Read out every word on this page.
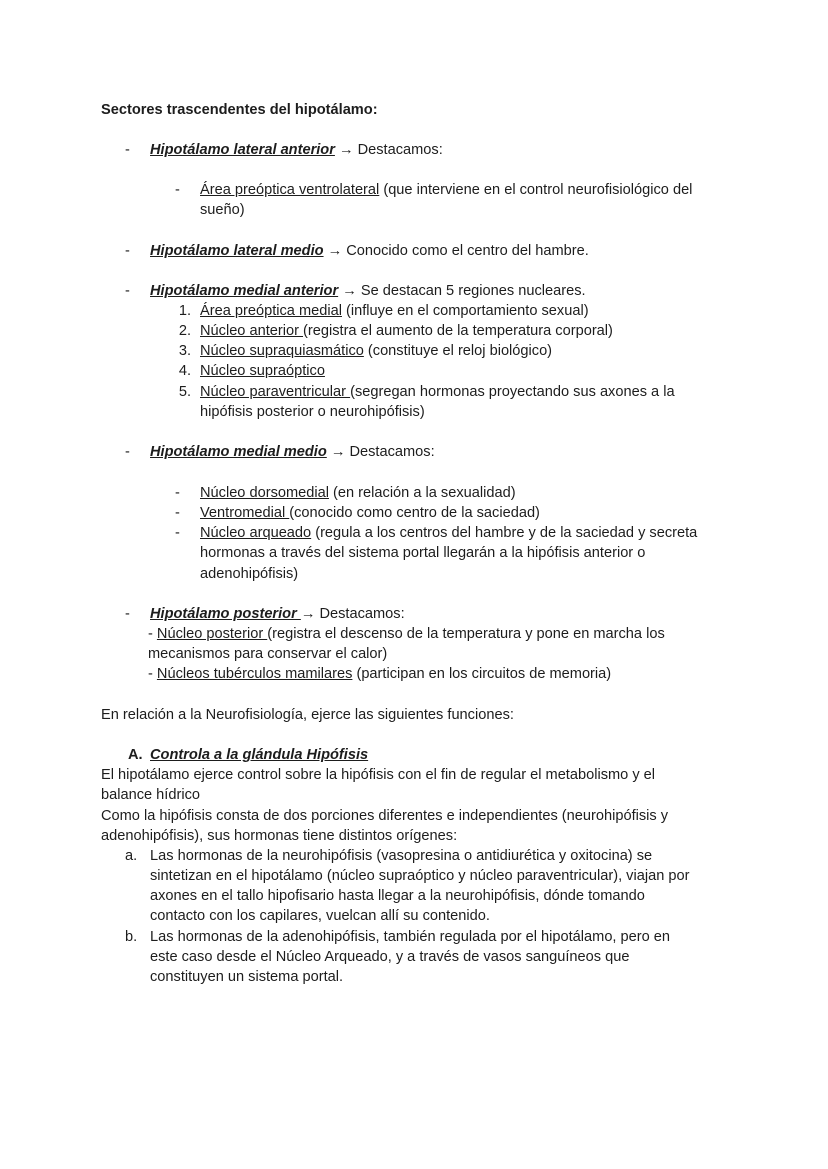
Sectores trascendentes del hipotálamo:
- Hipotálamo lateral anterior → Destacamos:
- Área preóptica ventrolateral (que interviene en el control neurofisiológico del
sueño)
- Hipotálamo lateral medio → Conocido como el centro del hambre.
- Hipotálamo medial anterior → Se destacan 5 regiones nucleares.
1. Área preóptica medial (influye en el comportamiento sexual)
2. Núcleo anterior (registra el aumento de la temperatura corporal)
3. Núcleo supraquiasmático (constituye el reloj biológico)
4. Núcleo supraóptico
5. Núcleo paraventricular (segregan hormonas proyectando sus axones a la
hipófisis posterior o neurohipófisis)
- Hipotálamo medial medio → Destacamos:
- Núcleo dorsomedial (en relación a la sexualidad)
- Ventromedial (conocido como centro de la saciedad)
- Núcleo arqueado (regula a los centros del hambre y de la saciedad y secreta
hormonas a través del sistema portal llegarán a la hipófisis anterior o
adenohipófisis)
- Hipotálamo posterior → Destacamos:
- Núcleo posterior (registra el descenso de la temperatura y pone en marcha los
mecanismos para conservar el calor)
- Núcleos tubérculos mamilares (participan en los circuitos de memoria)
En relación a la Neurofisiología, ejerce las siguientes funciones:
A. Controla a la glándula Hipófisis
El hipotálamo ejerce control sobre la hipófisis con el fin de regular el metabolismo y el
balance hídrico
Como la hipófisis consta de dos porciones diferentes e independientes (neurohipófisis y
adenohipófisis), sus hormonas tiene distintos orígenes:
a. Las hormonas de la neurohipófisis (vasopresina o antidiurética y oxitocina) se
sintetizan en el hipotálamo (núcleo supraóptico y núcleo paraventricular), viajan por
axones en el tallo hipofisario hasta llegar a la neurohipófisis, dónde tomando
contacto con los capilares, vuelcan allí su contenido.
b. Las hormonas de la adenohipófisis, también regulada por el hipotálamo, pero en
este caso desde el Núcleo Arqueado, y a través de vasos sanguíneos que
constituyen un sistema portal.
